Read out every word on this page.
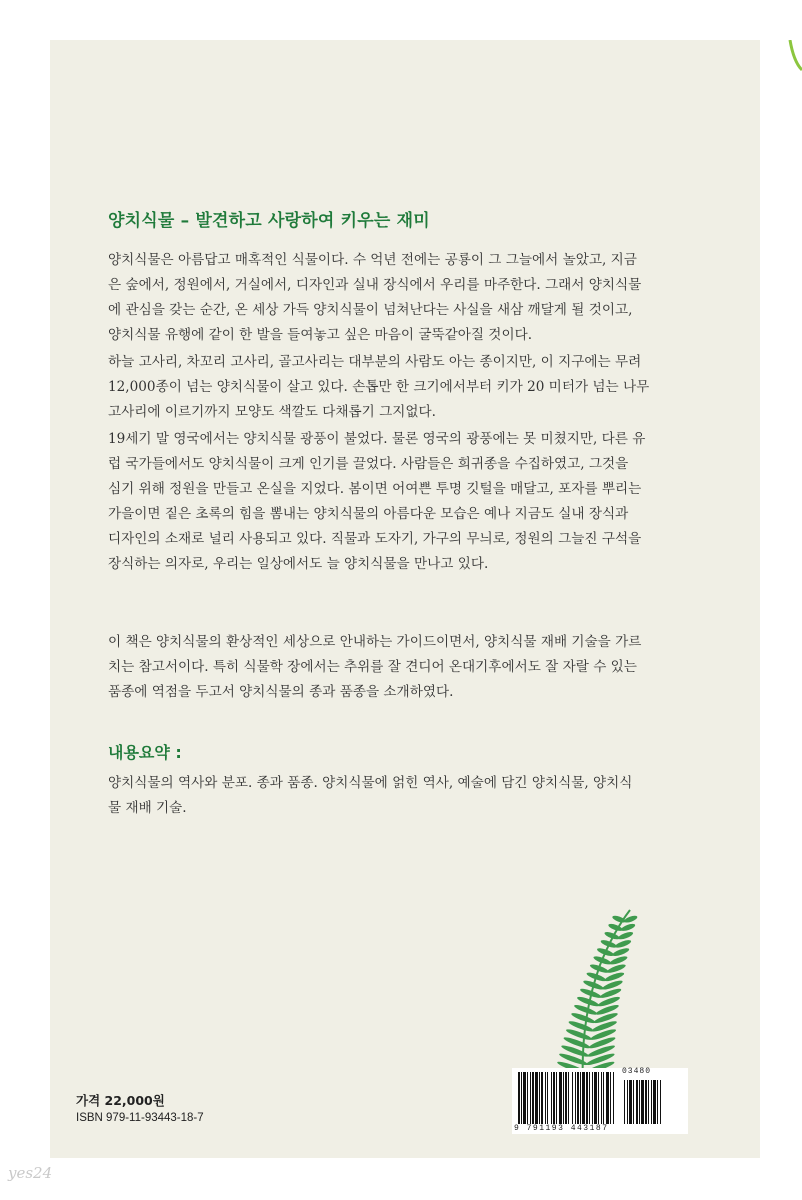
양치식물 – 발견하고 사랑하여 키우는 재미
양치식물은 아름답고 매혹적인 식물이다. 수 억년 전에는 공룡이 그 그늘에서 놀았고, 지금
은 숲에서, 정원에서, 거실에서, 디자인과 실내 장식에서 우리를 마주한다. 그래서 양치식물
에 관심을 갖는 순간, 온 세상 가득 양치식물이 넘쳐난다는 사실을 새삼 깨달게 될 것이고,
양치식물 유행에 같이 한 발을 들여놓고 싶은 마음이 굴뚝같아질 것이다.
하늘 고사리, 차꼬리 고사리, 골고사리는 대부분의 사람도 아는 종이지만, 이 지구에는 무려
12,000종이 넘는 양치식물이 살고 있다. 손톱만 한 크기에서부터 키가 20 미터가 넘는 나무
고사리에 이르기까지 모양도 색깔도 다채롭기 그지없다.
19세기 말 영국에서는 양치식물 광풍이 불었다. 물론 영국의 광풍에는 못 미쳤지만, 다른 유
럽 국가들에서도 양치식물이 크게 인기를 끌었다. 사람들은 희귀종을 수집하였고, 그것을
심기 위해 정원을 만들고 온실을 지었다. 봄이면 어여쁜 투명 깃털을 매달고, 포자를 뿌리는
가을이면 짙은 초록의 힘을 뽐내는 양치식물의 아름다운 모습은 예나 지금도 실내 장식과
디자인의 소재로 널리 사용되고 있다. 직물과 도자기, 가구의 무늬로, 정원의 그늘진 구석을
장식하는 의자로, 우리는 일상에서도 늘 양치식물을 만나고 있다.
이 책은 양치식물의 환상적인 세상으로 안내하는 가이드이면서, 양치식물 재배 기술을 가르
치는 참고서이다. 특히 식물학 장에서는 추위를 잘 견디어 온대기후에서도 잘 자랄 수 있는
품종에 역점을 두고서 양치식물의 종과 품종을 소개하였다.
내용요약 :
양치식물의 역사와 분포. 종과 품종. 양치식물에 얽힌 역사, 예술에 담긴 양치식물, 양치식
물 재배 기술.
가격 22,000원
ISBN 979-11-93443-18-7
03480
9 791193 443187
yes24
